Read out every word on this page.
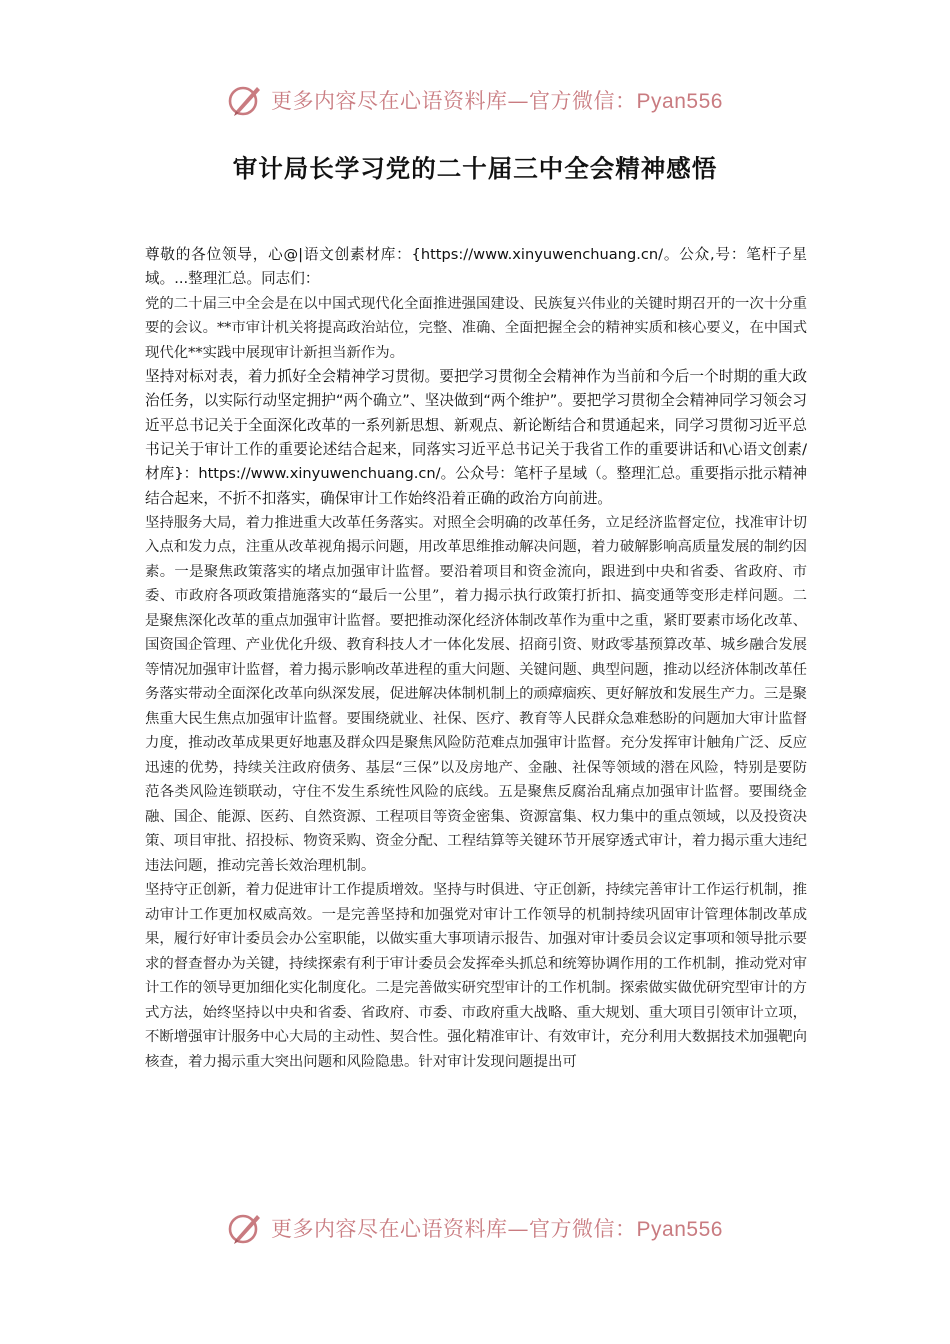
更多内容尽在心语资料库—官方微信：Pyan556
审计局长学习党的二十届三中全会精神感悟

尊敬的各位领导，心@|语文创素材库：{https://www.xinyuwenchuang.cn/。公众,号：笔杆子星域。...整理汇总。同志们：

党的二十届三中全会是在以中国式现代化全面推进强国建设、民族复兴伟业的关键时期召开的一次十分重要的会议。**市审计机关将提高政治站位，完整、准确、全面把握全会的精神实质和核心要义，在中国式现代化**实践中展现审计新担当新作为。

坚持对标对表，着力抓好全会精神学习贯彻。要把学习贯彻全会精神作为当前和今后一个时期的重大政治任务，以实际行动坚定拥护“两个确立”、坚决做到“两个维护”。要把学习贯彻全会精神同学习领会习近平总书记关于全面深化改革的一系列新思想、新观点、新论断结合和贯通起来，同学习贯彻习近平总书记关于审计工作的重要论述结合起来，同落实习近平总书记关于我省工作的重要讲话和\心语文创素/材库}：https://www.xinyuwenchuang.cn/。公众号：笔杆子星域（。整理汇总。重要指示批示精神结合起来，不折不扣落实，确保审计工作始终沿着正确的政治方向前进。

坚持服务大局，着力推进重大改革任务落实。对照全会明确的改革任务，立足经济监督定位，找准审计切入点和发力点，注重从改革视角揭示问题，用改革思维推动解决问题，着力破解影响高质量发展的制约因素。一是聚焦政策落实的堵点加强审计监督。要沿着项目和资金流向，跟进到中央和省委、省政府、市委、市政府各项政策措施落实的“最后一公里”，着力揭示执行政策打折扣、搞变通等变形走样问题。二是聚焦深化改革的重点加强审计监督。要把推动深化经济体制改革作为重中之重，紧盯要素市场化改革、国资国企管理、产业优化升级、教育科技人才一体化发展、招商引资、财政零基预算改革、城乡融合发展等情况加强审计监督，着力揭示影响改革进程的重大问题、关键问题、典型问题，推动以经济体制改革任务落实带动全面深化改革向纵深发展，促进解决体制机制上的顽瘴痼疾、更好解放和发展生产力。三是聚焦重大民生焦点加强审计监督。要围绕就业、社保、医疗、教育等人民群众急难愁盼的问题加大审计监督力度，推动改革成果更好地惠及群众四是聚焦风险防范难点加强审计监督。充分发挥审计触角广泛、反应迅速的优势，持续关注政府债务、基层“三保”以及房地产、金融、社保等领域的潜在风险，特别是要防范各类风险连锁联动，守住不发生系统性风险的底线。五是聚焦反腐治乱痛点加强审计监督。要围绕金融、国企、能源、医药、自然资源、工程项目等资金密集、资源富集、权力集中的重点领域，以及投资决策、项目审批、招投标、物资采购、资金分配、工程结算等关键环节开展穿透式审计，着力揭示重大违纪违法问题，推动完善长效治理机制。

坚持守正创新，着力促进审计工作提质增效。坚持与时俱进、守正创新，持续完善审计工作运行机制，推动审计工作更加权威高效。一是完善坚持和加强党对审计工作领导的机制持续巩固审计管理体制改革成果，履行好审计委员会办公室职能，以做实重大事项请示报告、加强对审计委员会议定事项和领导批示要求的督查督办为关键，持续探索有利于审计委员会发挥牵头抓总和统筹协调作用的工作机制，推动党对审计工作的领导更加细化实化制度化。二是完善做实研究型审计的工作机制。探索做实做优研究型审计的方式方法，始终坚持以中央和省委、省政府、市委、市政府重大战略、重大规划、重大项目引领审计立项，不断增强审计服务中心大局的主动性、契合性。强化精准审计、有效审计，充分利用大数据技术加强靶向核查，着力揭示重大突出问题和风险隐患。针对审计发现问题提出可

更多内容尽在心语资料库—官方微信：Pyan556
